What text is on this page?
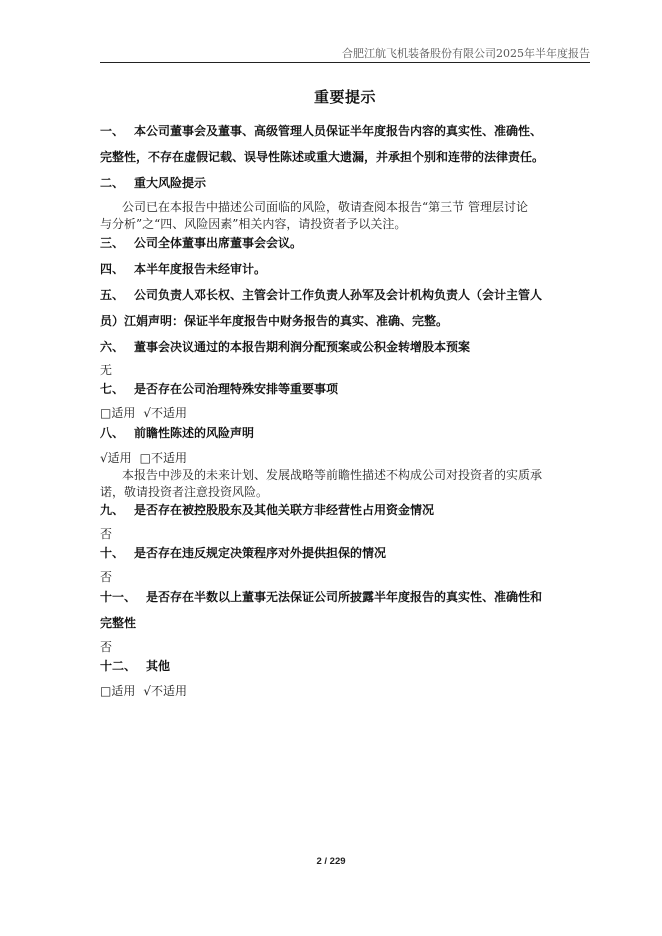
合肥江航飞机装备股份有限公司2025年半年度报告
重要提示
一、 本公司董事会及董事、高级管理人员保证半年度报告内容的真实性、准确性、
完整性，不存在虚假记载、误导性陈述或重大遗漏，并承担个别和连带的法律责任。
二、 重大风险提示
公司已在本报告中描述公司面临的风险，敬请查阅本报告“第三节 管理层讨论
与分析”之“四、风险因素”相关内容，请投资者予以关注。
三、 公司全体董事出席董事会会议。
四、 本半年度报告未经审计。
五、 公司负责人邓长权、主管会计工作负责人孙军及会计机构负责人（会计主管人
员）江娟声明：保证半年度报告中财务报告的真实、准确、完整。
六、 董事会决议通过的本报告期利润分配预案或公积金转增股本预案
无
七、 是否存在公司治理特殊安排等重要事项
□适用 √不适用
八、 前瞻性陈述的风险声明
√适用 □不适用
本报告中涉及的未来计划、发展战略等前瞻性描述不构成公司对投资者的实质承
诺，敬请投资者注意投资风险。
九、 是否存在被控股股东及其他关联方非经营性占用资金情况
否
十、 是否存在违反规定决策程序对外提供担保的情况
否
十一、 是否存在半数以上董事无法保证公司所披露半年度报告的真实性、准确性和
完整性
否
十二、 其他
□适用 √不适用
2 / 229
